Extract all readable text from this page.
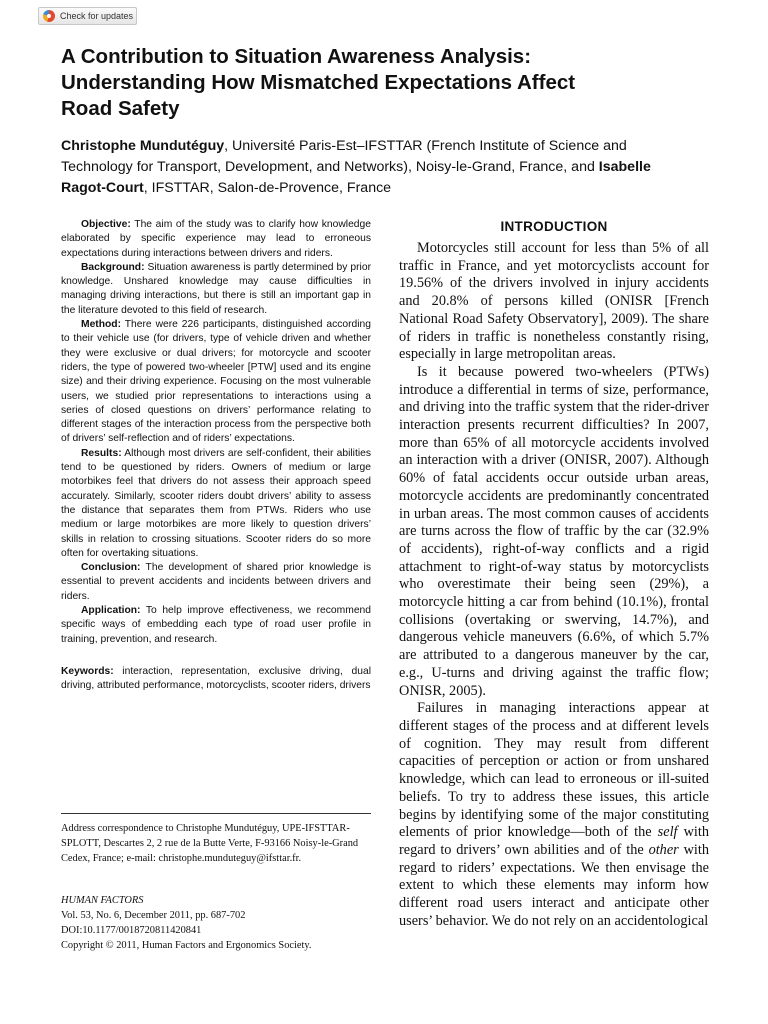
Check for updates
A Contribution to Situation Awareness Analysis: Understanding How Mismatched Expectations Affect Road Safety

Christophe Mundutéguy, Université Paris-Est–IFSTTAR (French Institute of Science and Technology for Transport, Development, and Networks), Noisy-le-Grand, France, and Isabelle Ragot-Court, IFSTTAR, Salon-de-Provence, France

Objective: The aim of the study was to clarify how knowledge elaborated by specific experience may lead to erroneous expectations during interactions between drivers and riders.

Background: Situation awareness is partly determined by prior knowledge. Unshared knowledge may cause difficulties in managing driving interactions, but there is still an important gap in the literature devoted to this field of research.

Method: There were 226 participants, distinguished according to their vehicle use (for drivers, type of vehicle driven and whether they were exclusive or dual drivers; for motorcycle and scooter riders, the type of powered two-wheeler [PTW] used and its engine size) and their driving experience. Focusing on the most vulnerable users, we studied prior representations to interactions using a series of closed questions on drivers’ performance relating to different stages of the interaction process from the perspective both of drivers’ self-reflection and of riders’ expectations.

Results: Although most drivers are self-confident, their abilities tend to be questioned by riders. Owners of medium or large motorbikes feel that drivers do not assess their approach speed accurately. Similarly, scooter riders doubt drivers’ ability to assess the distance that separates them from PTWs. Riders who use medium or large motorbikes are more likely to question drivers’ skills in relation to crossing situations. Scooter riders do so more often for overtaking situations.

Conclusion: The development of shared prior knowledge is essential to prevent accidents and incidents between drivers and riders.

Application: To help improve effectiveness, we recommend specific ways of embedding each type of road user profile in training, prevention, and research.

Keywords: interaction, representation, exclusive driving, dual driving, attributed performance, motorcyclists, scooter riders, drivers

Address correspondence to Christophe Mundutéguy, UPE-IFSTTAR-SPLOTT, Descartes 2, 2 rue de la Butte Verte, F-93166 Noisy-le-Grand Cedex, France; e-mail: christophe.munduteguy@ifsttar.fr.

HUMAN FACTORS

Vol. 53, No. 6, December 2011, pp. 687-702

DOI:10.1177/0018720811420841

Copyright © 2011, Human Factors and Ergonomics Society.

INTRODUCTION

Motorcycles still account for less than 5% of all traffic in France, and yet motorcyclists account for 19.56% of the drivers involved in injury accidents and 20.8% of persons killed (ONISR [French National Road Safety Observatory], 2009). The share of riders in traffic is nonetheless constantly rising, especially in large metropolitan areas.

Is it because powered two-wheelers (PTWs) introduce a differential in terms of size, performance, and driving into the traffic system that the rider-driver interaction presents recurrent difficulties? In 2007, more than 65% of all motorcycle accidents involved an interaction with a driver (ONISR, 2007). Although 60% of fatal accidents occur outside urban areas, motorcycle accidents are predominantly concentrated in urban areas. The most common causes of accidents are turns across the flow of traffic by the car (32.9% of accidents), right-of-way conflicts and a rigid attachment to right-of-way status by motorcyclists who overestimate their being seen (29%), a motorcycle hitting a car from behind (10.1%), frontal collisions (overtaking or swerving, 14.7%), and dangerous vehicle maneuvers (6.6%, of which 5.7% are attributed to a dangerous maneuver by the car, e.g., U-turns and driving against the traffic flow; ONISR, 2005).

Failures in managing interactions appear at different stages of the process and at different levels of cognition. They may result from different capacities of perception or action or from unshared knowledge, which can lead to erroneous or ill-suited beliefs. To try to address these issues, this article begins by identifying some of the major constituting elements of prior knowledge—both of the self with regard to drivers’ own abilities and of the other with regard to riders’ expectations. We then envisage the extent to which these elements may inform how different road users interact and anticipate other users’ behavior. We do not rely on an accidentological
